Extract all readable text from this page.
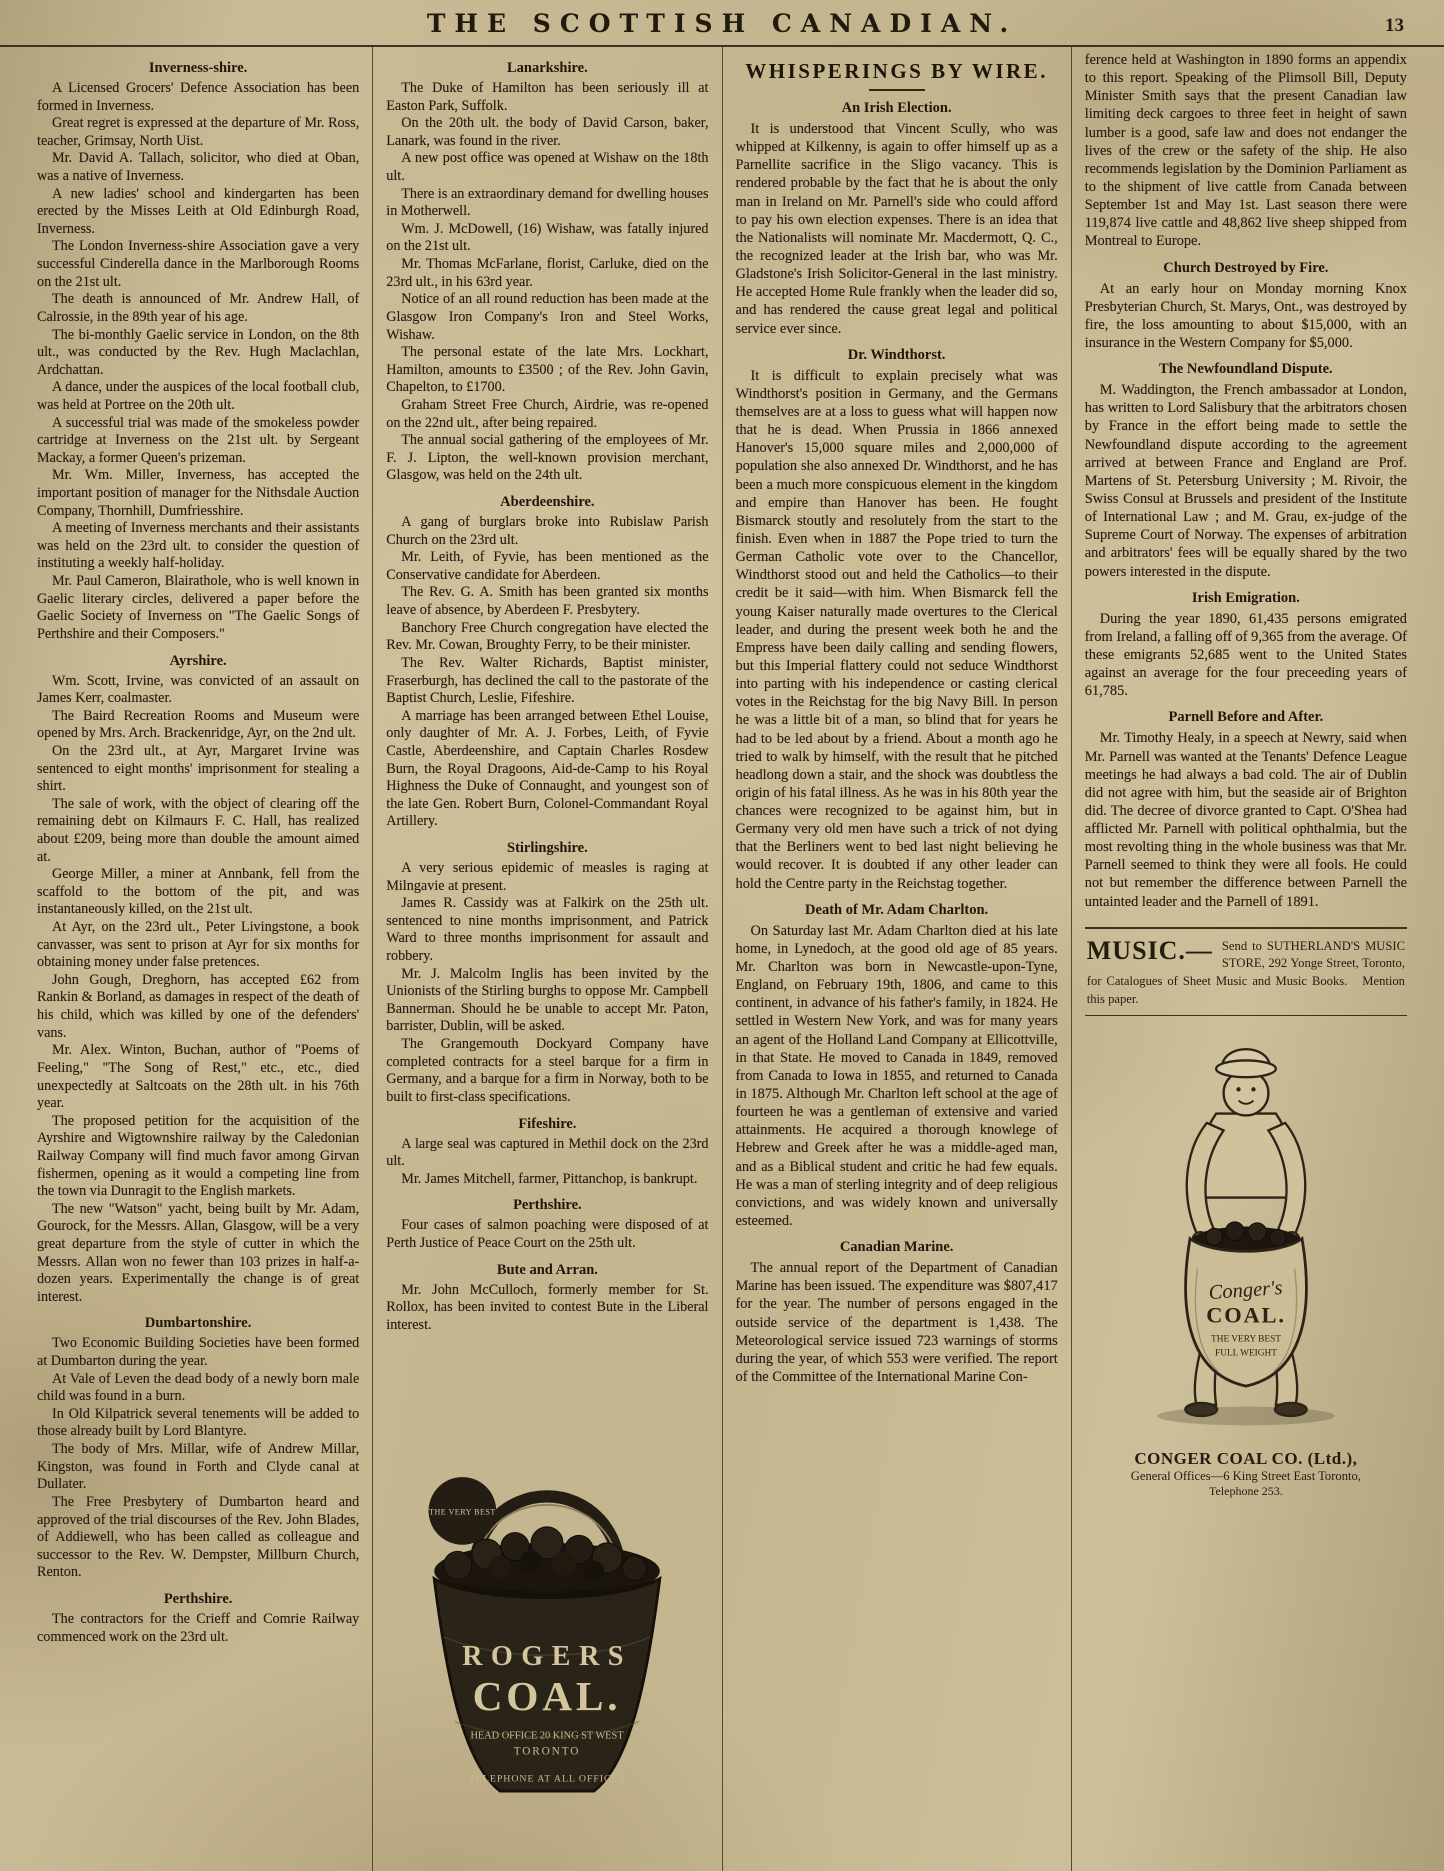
THE SCOTTISH CANADIAN.	13
Inverness-shire.

A Licensed Grocers' Defence Association has been formed in Inverness.

Great regret is expressed at the departure of Mr. Ross, teacher, Grimsay, North Uist.

Mr. David A. Tallach, solicitor, who died at Oban, was a native of Inverness.

A new ladies' school and kindergarten has been erected by the Misses Leith at Old Edinburgh Road, Inverness.

The London Inverness-shire Association gave a very successful Cinderella dance in the Marlborough Rooms on the 21st ult.

The death is announced of Mr. Andrew Hall, of Calrossie, in the 89th year of his age.

The bi-monthly Gaelic service in London, on the 8th ult., was conducted by the Rev. Hugh Maclachlan, Ardchattan.

A dance, under the auspices of the local football club, was held at Portree on the 20th ult.

A successful trial was made of the smokeless powder cartridge at Inverness on the 21st ult. by Sergeant Mackay, a former Queen's prizeman.

Mr. Wm. Miller, Inverness, has accepted the important position of manager for the Nithsdale Auction Company, Thornhill, Dumfriesshire.

A meeting of Inverness merchants and their assistants was held on the 23rd ult. to consider the question of instituting a weekly half-holiday.

Mr. Paul Cameron, Blairathole, who is well known in Gaelic literary circles, delivered a paper before the Gaelic Society of Inverness on "The Gaelic Songs of Perthshire and their Composers."

Ayrshire.

Wm. Scott, Irvine, was convicted of an assault on James Kerr, coalmaster.

The Baird Recreation Rooms and Museum were opened by Mrs. Arch. Brackenridge, Ayr, on the 2nd ult.

On the 23rd ult., at Ayr, Margaret Irvine was sentenced to eight months' imprisonment for stealing a shirt.

The sale of work, with the object of clearing off the remaining debt on Kilmaurs F. C. Hall, has realized about £209, being more than double the amount aimed at.

George Miller, a miner at Annbank, fell from the scaffold to the bottom of the pit, and was instantaneously killed, on the 21st ult.

At Ayr, on the 23rd ult., Peter Livingstone, a book canvasser, was sent to prison at Ayr for six months for obtaining money under false pretences.

John Gough, Dreghorn, has accepted £62 from Rankin & Borland, as damages in respect of the death of his child, which was killed by one of the defenders' vans.

Mr. Alex. Winton, Buchan, author of "Poems of Feeling," "The Song of Rest," etc., etc., died unexpectedly at Saltcoats on the 28th ult. in his 76th year.

The proposed petition for the acquisition of the Ayrshire and Wigtownshire railway by the Caledonian Railway Company will find much favor among Girvan fishermen, opening as it would a competing line from the town via Dunragit to the English markets.

The new "Watson" yacht, being built by Mr. Adam, Gourock, for the Messrs. Allan, Glasgow, will be a very great departure from the style of cutter in which the Messrs. Allan won no fewer than 103 prizes in half-a-dozen years. Experimentally the change is of great interest.

Dumbartonshire.

Two Economic Building Societies have been formed at Dumbarton during the year.

At Vale of Leven the dead body of a newly born male child was found in a burn.

In Old Kilpatrick several tenements will be added to those already built by Lord Blantyre.

The body of Mrs. Millar, wife of Andrew Millar, Kingston, was found in Forth and Clyde canal at Dullater.

The Free Presbytery of Dumbarton heard and approved of the trial discourses of the Rev. John Blades, of Addiewell, who has been called as colleague and successor to the Rev. W. Dempster, Millburn Church, Renton.

Perthshire.

The contractors for the Crieff and Comrie Railway commenced work on the 23rd ult.

Lanarkshire.

The Duke of Hamilton has been seriously ill at Easton Park, Suffolk.

On the 20th ult. the body of David Carson, baker, Lanark, was found in the river.

A new post office was opened at Wishaw on the 18th ult.

There is an extraordinary demand for dwelling houses in Motherwell.

Wm. J. McDowell, (16) Wishaw, was fatally injured on the 21st ult.

Mr. Thomas McFarlane, florist, Carluke, died on the 23rd ult., in his 63rd year.

Notice of an all round reduction has been made at the Glasgow Iron Company's Iron and Steel Works, Wishaw.

The personal estate of the late Mrs. Lockhart, Hamilton, amounts to £3500 ; of the Rev. John Gavin, Chapelton, to £1700.

Graham Street Free Church, Airdrie, was re-opened on the 22nd ult., after being repaired.

The annual social gathering of the employees of Mr. F. J. Lipton, the well-known provision merchant, Glasgow, was held on the 24th ult.

Aberdeenshire.

A gang of burglars broke into Rubislaw Parish Church on the 23rd ult.

Mr. Leith, of Fyvie, has been mentioned as the Conservative candidate for Aberdeen.

The Rev. G. A. Smith has been granted six months leave of absence, by Aberdeen F. Presbytery.

Banchory Free Church congregation have elected the Rev. Mr. Cowan, Broughty Ferry, to be their minister.

The Rev. Walter Richards, Baptist minister, Fraserburgh, has declined the call to the pastorate of the Baptist Church, Leslie, Fifeshire.

A marriage has been arranged between Ethel Louise, only daughter of Mr. A. J. Forbes, Leith, of Fyvie Castle, Aberdeenshire, and Captain Charles Rosdew Burn, the Royal Dragoons, Aid-de-Camp to his Royal Highness the Duke of Connaught, and youngest son of the late Gen. Robert Burn, Colonel-Commandant Royal Artillery.

Stirlingshire.

A very serious epidemic of measles is raging at Milngavie at present.

James R. Cassidy was at Falkirk on the 25th ult. sentenced to nine months imprisonment, and Patrick Ward to three months imprisonment for assault and robbery.

Mr. J. Malcolm Inglis has been invited by the Unionists of the Stirling burghs to oppose Mr. Campbell Bannerman. Should he be unable to accept Mr. Paton, barrister, Dublin, will be asked.

The Grangemouth Dockyard Company have completed contracts for a steel barque for a firm in Germany, and a barque for a firm in Norway, both to be built to first-class specifications.

Fifeshire.

A large seal was captured in Methil dock on the 23rd ult.

Mr. James Mitchell, farmer, Pittanchop, is bankrupt.

Perthshire.

Four cases of salmon poaching were disposed of at Perth Justice of Peace Court on the 25th ult.

Bute and Arran.

Mr. John McCulloch, formerly member for St. Rollox, has been invited to contest Bute in the Liberal interest.

THE VERY BEST
ROGERS
COAL.
HEAD OFFICE 20 KING ST WEST
TORONTO
TELEPHONE AT ALL OFFICES
WHISPERINGS BY WIRE.
An Irish Election.

It is understood that Vincent Scully, who was whipped at Kilkenny, is again to offer himself up as a Parnellite sacrifice in the Sligo vacancy. This is rendered probable by the fact that he is about the only man in Ireland on Mr. Parnell's side who could afford to pay his own election expenses. There is an idea that the Nationalists will nominate Mr. Macdermott, Q. C., the recognized leader at the Irish bar, who was Mr. Gladstone's Irish Solicitor-General in the last ministry. He accepted Home Rule frankly when the leader did so, and has rendered the cause great legal and political service ever since.

Dr. Windthorst.

It is difficult to explain precisely what was Windthorst's position in Germany, and the Germans themselves are at a loss to guess what will happen now that he is dead. When Prussia in 1866 annexed Hanover's 15,000 square miles and 2,000,000 of population she also annexed Dr. Windthorst, and he has been a much more conspicuous element in the kingdom and empire than Hanover has been. He fought Bismarck stoutly and resolutely from the start to the finish. Even when in 1887 the Pope tried to turn the German Catholic vote over to the Chancellor, Windthorst stood out and held the Catholics—to their credit be it said—with him. When Bismarck fell the young Kaiser naturally made overtures to the Clerical leader, and during the present week both he and the Empress have been daily calling and sending flowers, but this Imperial flattery could not seduce Windthorst into parting with his independence or casting clerical votes in the Reichstag for the big Navy Bill. In person he was a little bit of a man, so blind that for years he had to be led about by a friend. About a month ago he tried to walk by himself, with the result that he pitched headlong down a stair, and the shock was doubtless the origin of his fatal illness. As he was in his 80th year the chances were recognized to be against him, but in Germany very old men have such a trick of not dying that the Berliners went to bed last night believing he would recover. It is doubted if any other leader can hold the Centre party in the Reichstag together.

Death of Mr. Adam Charlton.

On Saturday last Mr. Adam Charlton died at his late home, in Lynedoch, at the good old age of 85 years. Mr. Charlton was born in Newcastle-upon-Tyne, England, on February 19th, 1806, and came to this continent, in advance of his father's family, in 1824. He settled in Western New York, and was for many years an agent of the Holland Land Company at Ellicottville, in that State. He moved to Canada in 1849, removed from Canada to Iowa in 1855, and returned to Canada in 1875. Although Mr. Charlton left school at the age of fourteen he was a gentleman of extensive and varied attainments. He acquired a thorough knowlege of Hebrew and Greek after he was a middle-aged man, and as a Biblical student and critic he had few equals. He was a man of sterling integrity and of deep religious convictions, and was widely known and universally esteemed.

Canadian Marine.

The annual report of the Department of Canadian Marine has been issued. The expenditure was $807,417 for the year. The number of persons engaged in the outside service of the department is 1,438. The Meteorological service issued 723 warnings of storms during the year, of which 553 were verified. The report of the Committee of the International Marine Con-

ference held at Washington in 1890 forms an appendix to this report. Speaking of the Plimsoll Bill, Deputy Minister Smith says that the present Canadian law limiting deck cargoes to three feet in height of sawn lumber is a good, safe law and does not endanger the lives of the crew or the safety of the ship. He also recommends legislation by the Dominion Parliament as to the shipment of live cattle from Canada between September 1st and May 1st. Last season there were 119,874 live cattle and 48,862 live sheep shipped from Montreal to Europe.

Church Destroyed by Fire.

At an early hour on Monday morning Knox Presbyterian Church, St. Marys, Ont., was destroyed by fire, the loss amounting to about $15,000, with an insurance in the Western Company for $5,000.

The Newfoundland Dispute.

M. Waddington, the French ambassador at London, has written to Lord Salisbury that the arbitrators chosen by France in the effort being made to settle the Newfoundland dispute according to the agreement arrived at between France and England are Prof. Martens of St. Petersburg University ; M. Rivoir, the Swiss Consul at Brussels and president of the Institute of International Law ; and M. Grau, ex-judge of the Supreme Court of Norway. The expenses of arbitration and arbitrators' fees will be equally shared by the two powers interested in the dispute.

Irish Emigration.

During the year 1890, 61,435 persons emigrated from Ireland, a falling off of 9,365 from the average. Of these emigrants 52,685 went to the United States against an average for the four preceeding years of 61,785.

Parnell Before and After.

Mr. Timothy Healy, in a speech at Newry, said when Mr. Parnell was wanted at the Tenants' Defence League meetings he had always a bad cold. The air of Dublin did not agree with him, but the seaside air of Brighton did. The decree of divorce granted to Capt. O'Shea had afflicted Mr. Parnell with political ophthalmia, but the most revolting thing in the whole business was that Mr. Parnell seemed to think they were all fools. He could not but remember the difference between Parnell the untainted leader and the Parnell of 1891.

MUSIC.— Send to SUTHERLAND'S MUSIC STORE, 292 Yonge Street, Toronto, for Catalogues of Sheet Music and Music Books. Mention this paper.
Conger's
COAL.
THE VERY BEST
FULL WEIGHT
CONGER COAL CO. (Ltd.),
General Offices—6 King Street East Toronto,
Telephone 253.
